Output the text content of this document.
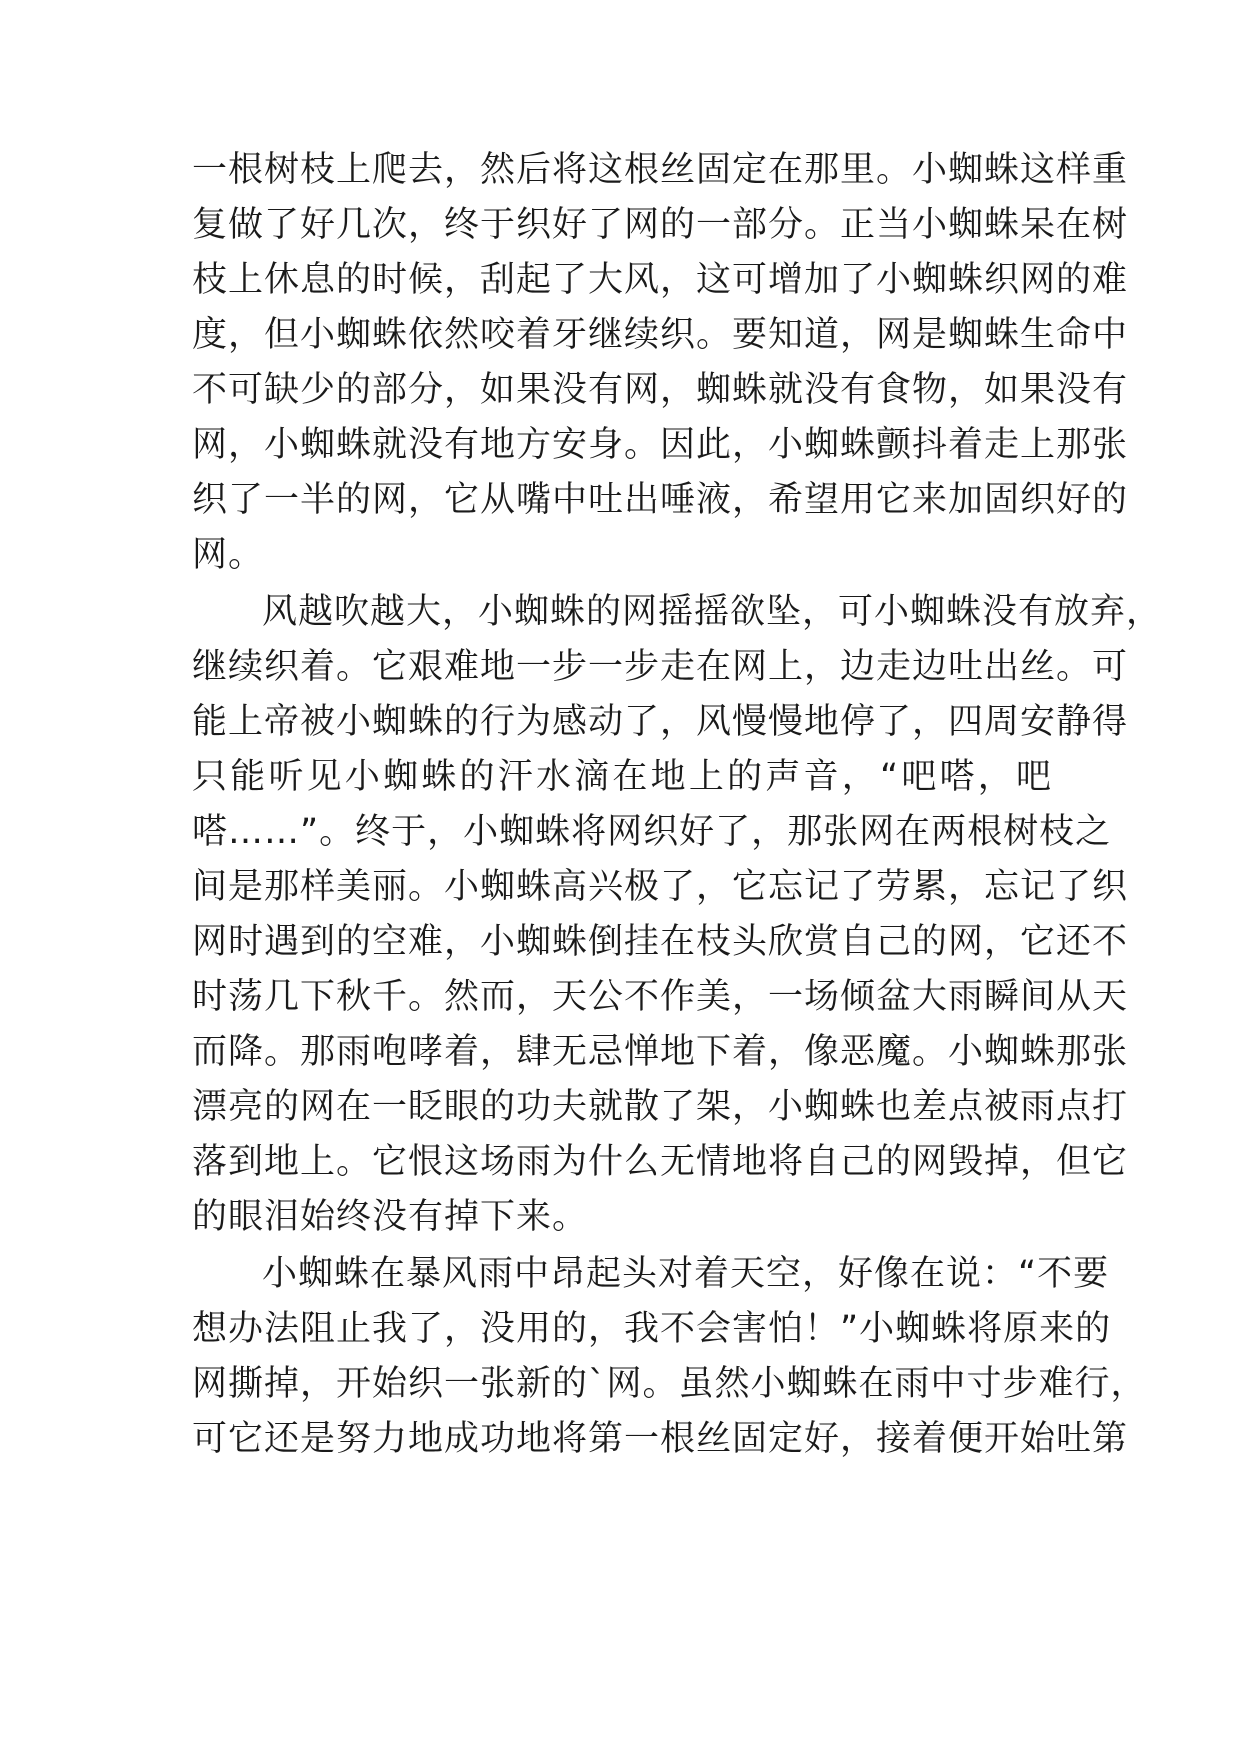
一根树枝上爬去，然后将这根丝固定在那里。小蜘蛛这样重
复做了好几次，终于织好了网的一部分。正当小蜘蛛呆在树
枝上休息的时候，刮起了大风，这可增加了小蜘蛛织网的难
度，但小蜘蛛依然咬着牙继续织。要知道，网是蜘蛛生命中
不可缺少的部分，如果没有网，蜘蛛就没有食物，如果没有
网，小蜘蛛就没有地方安身。因此，小蜘蛛颤抖着走上那张
织了一半的网，它从嘴中吐出唾液，希望用它来加固织好的
网。
风越吹越大，小蜘蛛的网摇摇欲坠，可小蜘蛛没有放弃，
继续织着。它艰难地一步一步走在网上，边走边吐出丝。可
能上帝被小蜘蛛的行为感动了，风慢慢地停了，四周安静得
只能听见小蜘蛛的汗水滴在地上的声音，“吧嗒，吧
嗒……”。终于，小蜘蛛将网织好了，那张网在两根树枝之
间是那样美丽。小蜘蛛高兴极了，它忘记了劳累，忘记了织
网时遇到的空难，小蜘蛛倒挂在枝头欣赏自己的网，它还不
时荡几下秋千。然而，天公不作美，一场倾盆大雨瞬间从天
而降。那雨咆哮着，肆无忌惮地下着，像恶魔。小蜘蛛那张
漂亮的网在一眨眼的功夫就散了架，小蜘蛛也差点被雨点打
落到地上。它恨这场雨为什么无情地将自己的网毁掉，但它
的眼泪始终没有掉下来。
小蜘蛛在暴风雨中昂起头对着天空，好像在说：“不要
想办法阻止我了，没用的，我不会害怕！”小蜘蛛将原来的
网撕掉，开始织一张新的`网。虽然小蜘蛛在雨中寸步难行，
可它还是努力地成功地将第一根丝固定好，接着便开始吐第
